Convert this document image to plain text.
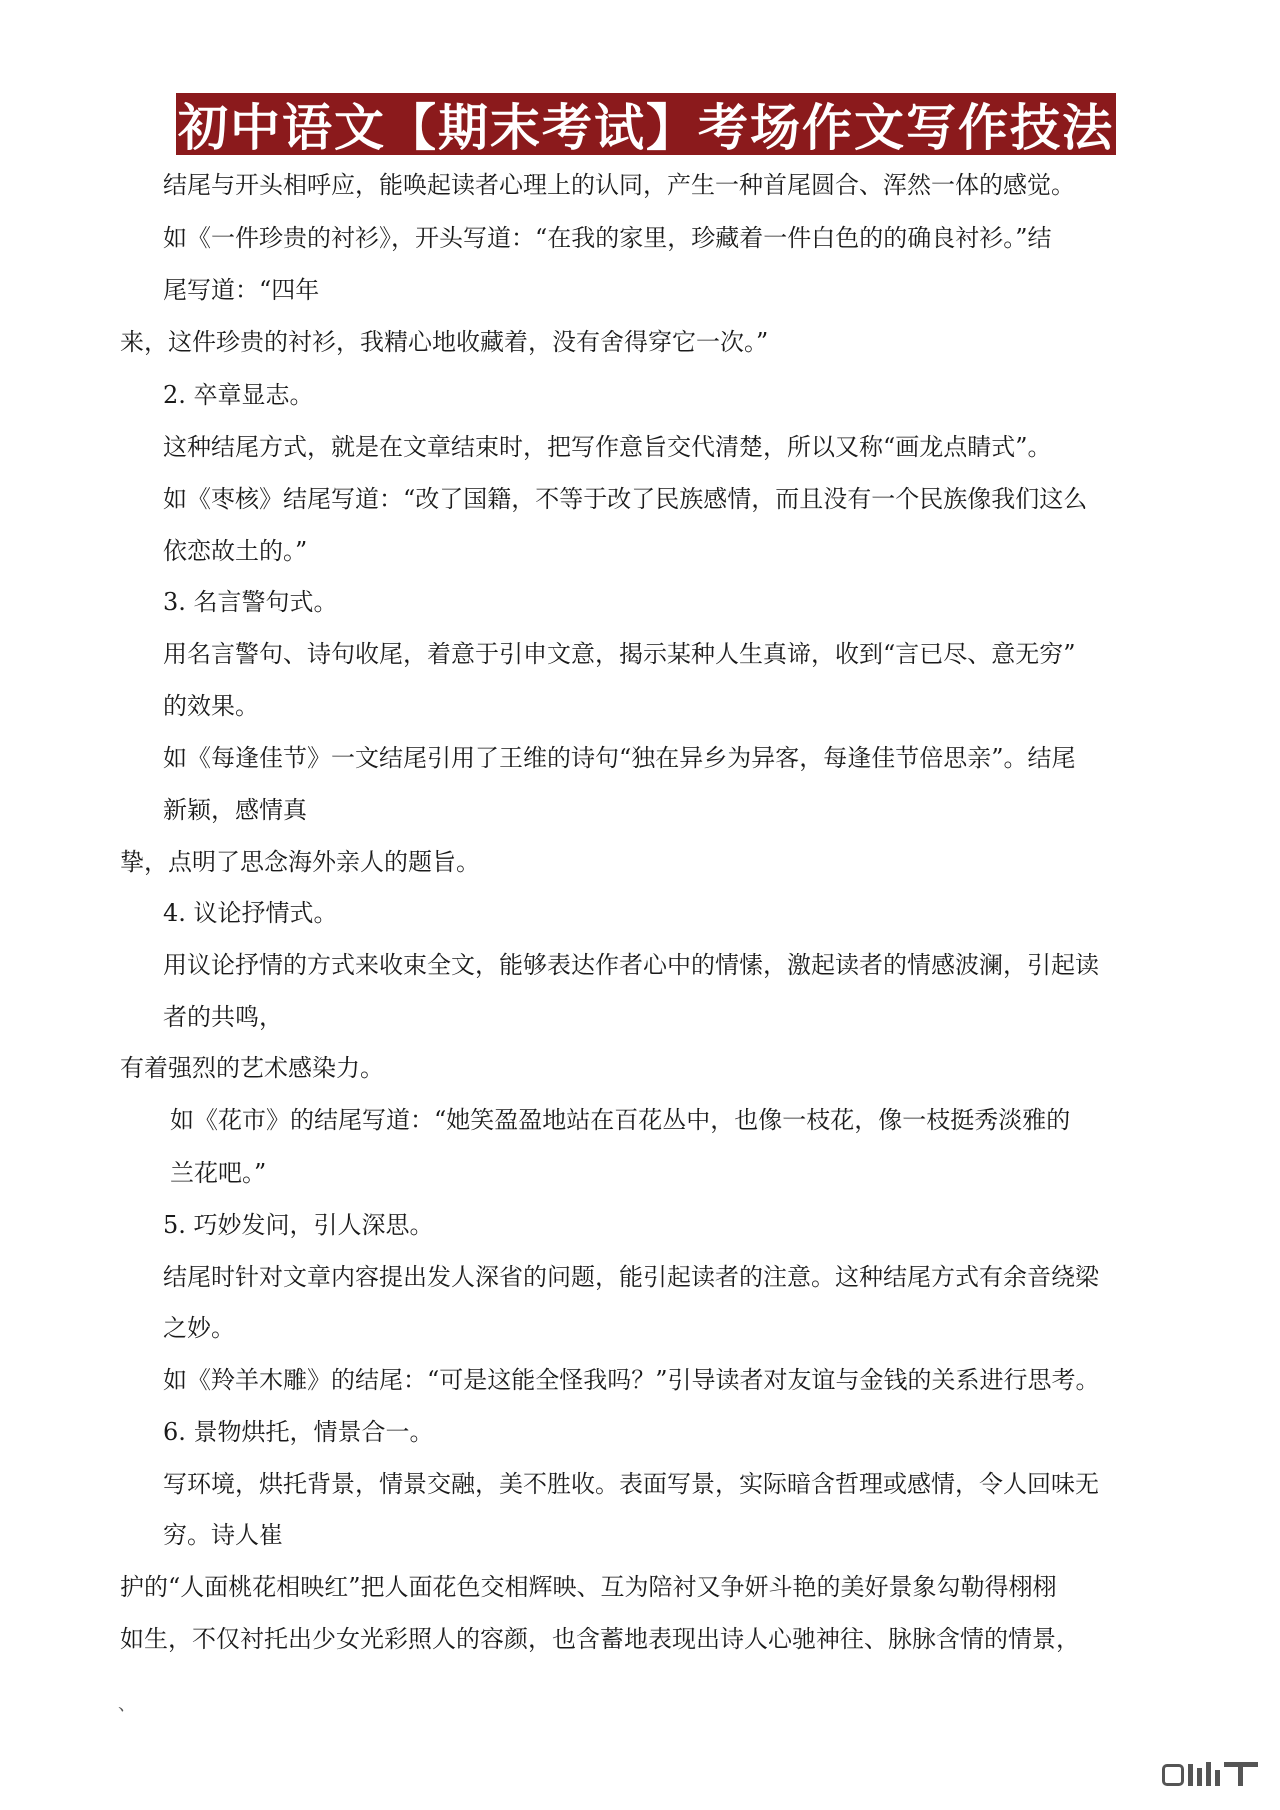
初中语文【期末考试】考场作文写作技法
结尾与开头相呼应，能唤起读者心理上的认同，产生一种首尾圆合、浑然一体的感觉。
如《一件珍贵的衬衫》，开头写道：“在我的家里，珍藏着一件白色的的确良衬衫。”结
尾写道：“四年
来，这件珍贵的衬衫，我精心地收藏着，没有舍得穿它一次。”
2. 卒章显志。
这种结尾方式，就是在文章结束时，把写作意旨交代清楚，所以又称“画龙点睛式”。
如《枣核》结尾写道：“改了国籍，不等于改了民族感情，而且没有一个民族像我们这么
依恋故土的。”
3. 名言警句式。
用名言警句、诗句收尾，着意于引申文意，揭示某种人生真谛，收到“言已尽、意无穷”
的效果。
如《每逢佳节》一文结尾引用了王维的诗句“独在异乡为异客，每逢佳节倍思亲”。结尾
新颖，感情真
挚，点明了思念海外亲人的题旨。
4. 议论抒情式。
用议论抒情的方式来收束全文，能够表达作者心中的情愫，激起读者的情感波澜，引起读
者的共鸣，
有着强烈的艺术感染力。
如《花市》的结尾写道：“她笑盈盈地站在百花丛中，也像一枝花，像一枝挺秀淡雅的
兰花吧。”
5. 巧妙发问，引人深思。
结尾时针对文章内容提出发人深省的问题，能引起读者的注意。这种结尾方式有余音绕梁
之妙。
如《羚羊木雕》的结尾：“可是这能全怪我吗？”引导读者对友谊与金钱的关系进行思考。
6. 景物烘托，情景合一。
写环境，烘托背景，情景交融，美不胜收。表面写景，实际暗含哲理或感情，令人回味无
穷。诗人崔
护的“人面桃花相映红”把人面花色交相辉映、互为陪衬又争妍斗艳的美好景象勾勒得栩栩
如生，不仅衬托出少女光彩照人的容颜，也含蓄地表现出诗人心驰神往、脉脉含情的情景，
、
